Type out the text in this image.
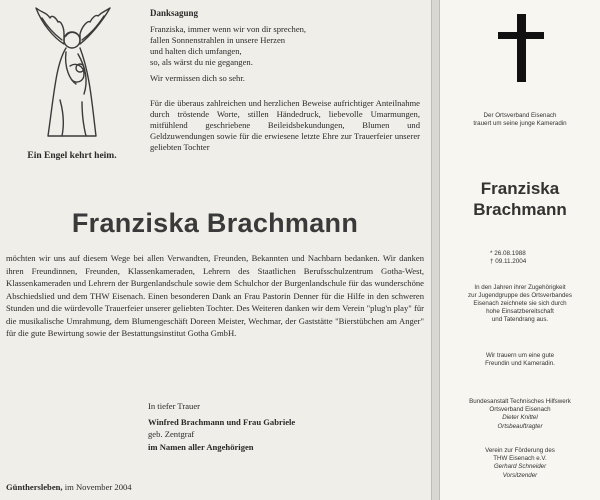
Ein Engel kehrt heim.
Danksagung
Franziska, immer wenn wir von dir sprechen,
fallen Sonnenstrahlen in unsere Herzen
und halten dich umfangen,
so, als wärst du nie gegangen.
Wir vermissen dich so sehr.
Für die überaus zahlreichen und herzlichen Beweise aufrichtiger Anteilnahme durch tröstende Worte, stillen Händedruck, liebevolle Umarmungen, mitfühlend geschriebene Beileidsbekundungen, Blumen und Geldzuwendungen sowie für die erwiesene letzte Ehre zur Trauerfeier unserer geliebten Tochter
Franziska Brachmann
möchten wir uns auf diesem Wege bei allen Verwandten, Freunden, Bekannten und Nachbarn bedanken. Wir danken ihren Freundinnen, Freunden, Klassenkameraden, Lehrern des Staatlichen Berufsschulzentrum Gotha-West, Klassenkameraden und Lehrern der Burgenlandschule sowie dem Schulchor der Burgenlandschule für das wunderschöne Abschiedslied und dem THW Eisenach. Einen besonderen Dank an Frau Pastorin Denner für die Hilfe in den schweren Stunden und die würdevolle Trauerfeier unserer geliebten Tochter. Des Weiteren danken wir dem Verein "plug'n play" für die musikalische Umrahmung, dem Blumengeschäft Doreen Meister, Wechmar, der Gaststätte "Bierstübchen am Anger" für die gute Bewirtung sowie der Bestattungsinstitut Gotha GmbH.
In tiefer Trauer
Winfred Brachmann und Frau Gabriele
geb. Zentgraf
im Namen aller Angehörigen
Günthersleben, im November 2004
Der Ortsverband Eisenach
trauert um seine junge Kameradin
Franziska
Brachmann
* 26.08.1988
† 09.11.2004
In den Jahren ihrer Zugehörigkeit
zur Jugendgruppe des Ortsverbandes
Eisenach zeichnete sie sich durch
hohe Einsatzbereitschaft
und Tatendrang aus.
Wir trauern um eine gute
Freundin und Kameradin.
Bundesanstalt Technisches Hilfswerk
Ortsverband Eisenach
Dieter Knittel
Ortsbeauftragter
Verein zur Förderung des
THW Eisenach e.V.
Gerhard Schneider
Vorsitzender
